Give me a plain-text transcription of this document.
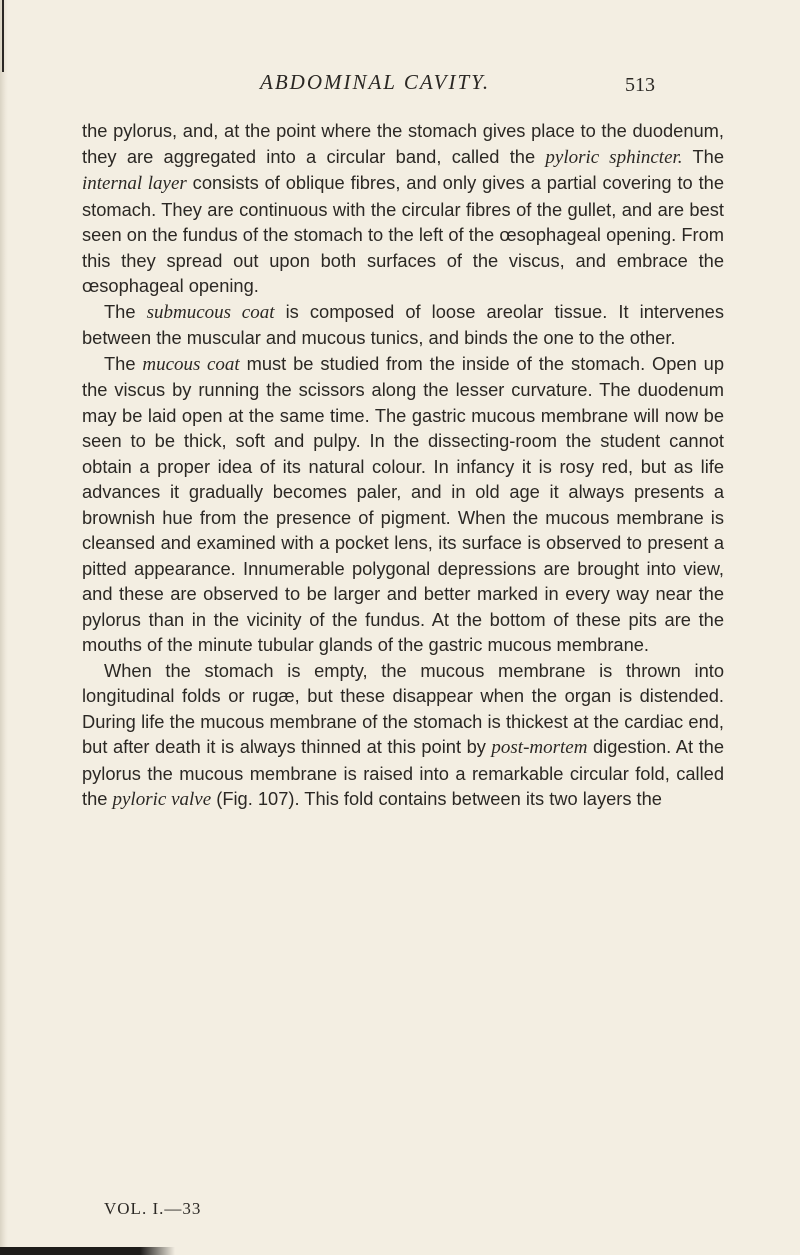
ABDOMINAL CAVITY.	513

the pylorus, and, at the point where the stomach gives place to the duodenum, they are aggregated into a circular band, called the pyloric sphincter. The internal layer consists of oblique fibres, and only gives a partial covering to the stomach. They are continuous with the circular fibres of the gullet, and are best seen on the fundus of the stomach to the left of the œsophageal opening. From this they spread out upon both surfaces of the viscus, and embrace the œsophageal opening.

The submucous coat is composed of loose areolar tissue. It intervenes between the muscular and mucous tunics, and binds the one to the other.

The mucous coat must be studied from the inside of the stomach. Open up the viscus by running the scissors along the lesser curvature. The duodenum may be laid open at the same time. The gastric mucous membrane will now be seen to be thick, soft and pulpy. In the dissecting-room the student cannot obtain a proper idea of its natural colour. In infancy it is rosy red, but as life advances it gradually becomes paler, and in old age it always presents a brownish hue from the presence of pigment. When the mucous membrane is cleansed and examined with a pocket lens, its surface is observed to present a pitted appearance. Innumerable polygonal depressions are brought into view, and these are observed to be larger and better marked in every way near the pylorus than in the vicinity of the fundus. At the bottom of these pits are the mouths of the minute tubular glands of the gastric mucous membrane.

When the stomach is empty, the mucous membrane is thrown into longitudinal folds or rugæ, but these disappear when the organ is distended. During life the mucous membrane of the stomach is thickest at the cardiac end, but after death it is always thinned at this point by post-mortem digestion. At the pylorus the mucous membrane is raised into a remarkable circular fold, called the pyloric valve (Fig. 107). This fold contains between its two layers the

VOL. I.—33
